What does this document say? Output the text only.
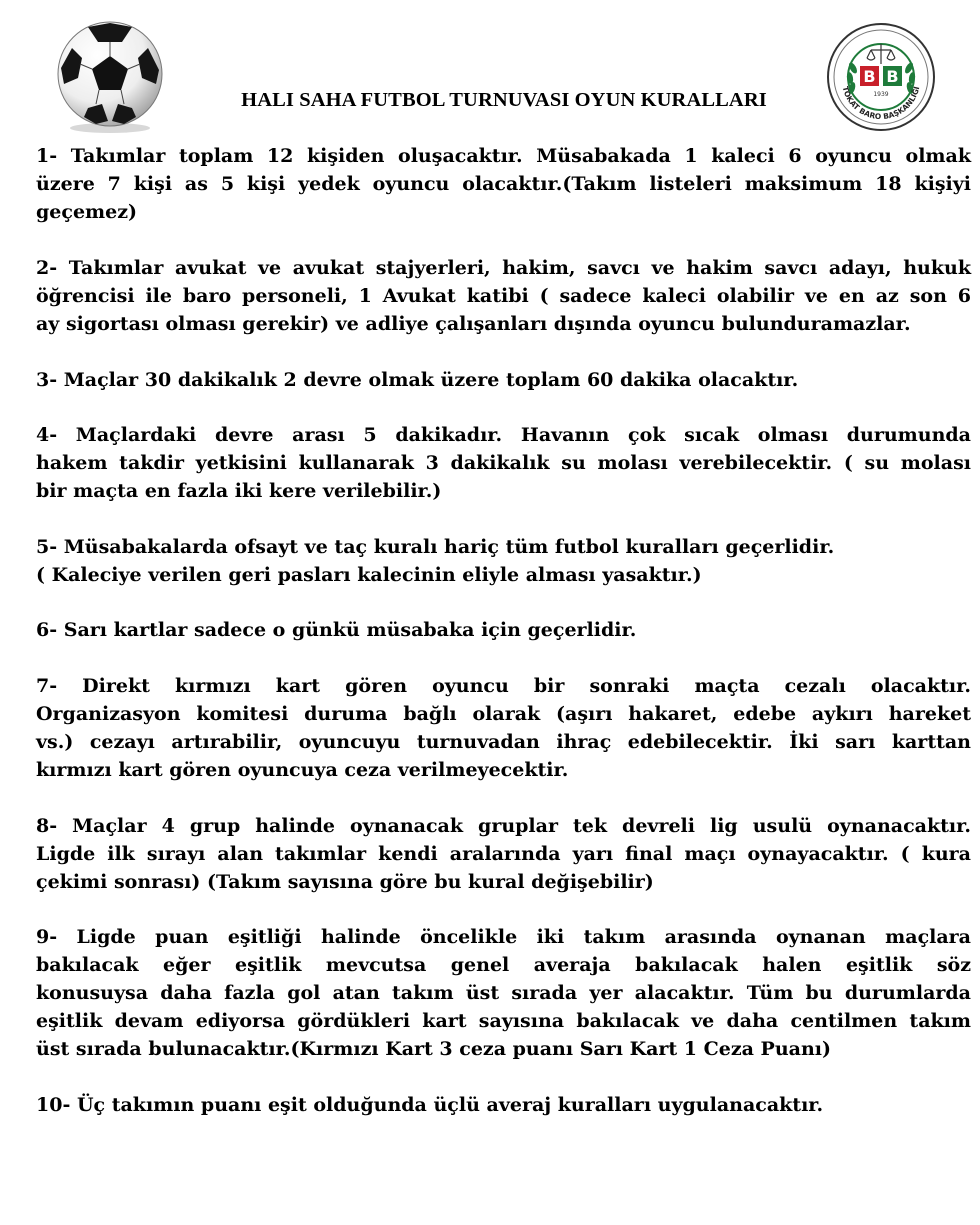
B B
1939
TOKAT BARO BAŞKANLIĞI
HALI SAHA FUTBOL TURNUVASI OYUN KURALLARI
1- Takımlar toplam 12 kişiden oluşacaktır. Müsabakada 1 kaleci 6 oyuncu olmak
üzere 7 kişi as 5 kişi yedek oyuncu olacaktır.(Takım listeleri maksimum 18 kişiyi
geçemez)
2- Takımlar avukat ve avukat stajyerleri, hakim, savcı ve hakim savcı adayı, hukuk
öğrencisi ile baro personeli, 1 Avukat katibi ( sadece kaleci olabilir ve en az son 6
ay sigortası olması gerekir) ve adliye çalışanları dışında oyuncu bulunduramazlar.
3- Maçlar 30 dakikalık 2 devre olmak üzere toplam 60 dakika olacaktır.
4- Maçlardaki devre arası 5 dakikadır. Havanın çok sıcak olması durumunda
hakem takdir yetkisini kullanarak 3 dakikalık su molası verebilecektir. ( su molası
bir maçta en fazla iki kere verilebilir.)
5- Müsabakalarda ofsayt ve taç kuralı hariç tüm futbol kuralları geçerlidir.
( Kaleciye verilen geri pasları kalecinin eliyle alması yasaktır.)
6- Sarı kartlar sadece o günkü müsabaka için geçerlidir.
7- Direkt kırmızı kart gören oyuncu bir sonraki maçta cezalı olacaktır.
Organizasyon komitesi duruma bağlı olarak (aşırı hakaret, edebe aykırı hareket
vs.) cezayı artırabilir, oyuncuyu turnuvadan ihraç edebilecektir. İki sarı karttan
kırmızı kart gören oyuncuya ceza verilmeyecektir.
8- Maçlar 4 grup halinde oynanacak gruplar tek devreli lig usulü oynanacaktır.
Ligde ilk sırayı alan takımlar kendi aralarında yarı final maçı oynayacaktır. ( kura
çekimi sonrası) (Takım sayısına göre bu kural değişebilir)
9- Ligde puan eşitliği halinde öncelikle iki takım arasında oynanan maçlara
bakılacak eğer eşitlik mevcutsa genel averaja bakılacak halen eşitlik söz
konusuysa daha fazla gol atan takım üst sırada yer alacaktır. Tüm bu durumlarda
eşitlik devam ediyorsa gördükleri kart sayısına bakılacak ve daha centilmen takım
üst sırada bulunacaktır.(Kırmızı Kart 3 ceza puanı Sarı Kart 1 Ceza Puanı)
10- Üç takımın puanı eşit olduğunda üçlü averaj kuralları uygulanacaktır.
